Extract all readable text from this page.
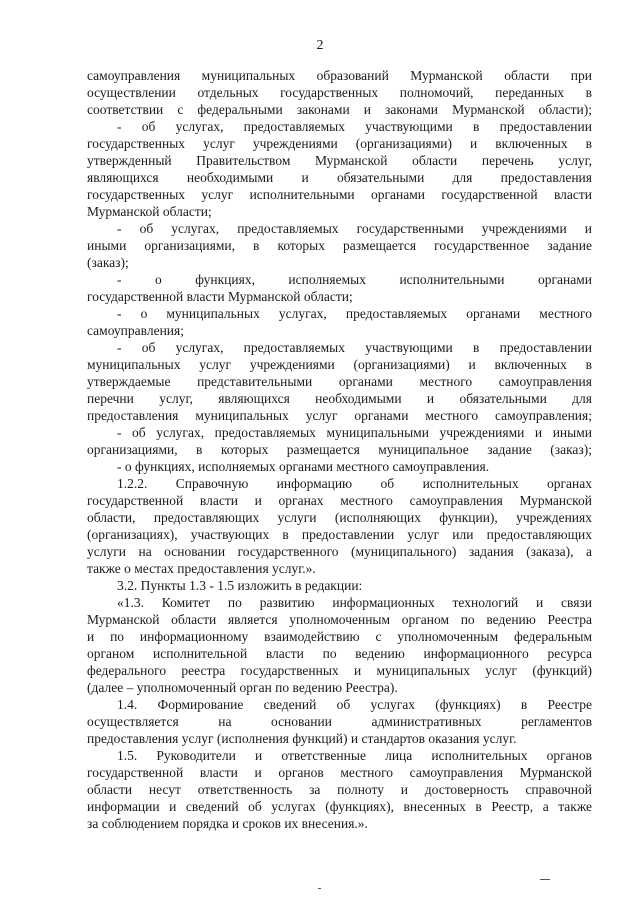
2
самоуправления муниципальных образований Мурманской области при
осуществлении отдельных государственных полномочий, переданных в
соответствии с федеральными законами и законами Мурманской области);
- об услугах, предоставляемых участвующими в предоставлении
государственных услуг учреждениями (организациями) и включенных в
утвержденный Правительством Мурманской области перечень услуг,
являющихся необходимыми и обязательными для предоставления
государственных услуг исполнительными органами государственной власти
Мурманской области;
- об услугах, предоставляемых государственными учреждениями и
иными организациями, в которых размещается государственное задание
(заказ);
- о функциях, исполняемых исполнительными органами
государственной власти Мурманской области;
- о муниципальных услугах, предоставляемых органами местного
самоуправления;
- об услугах, предоставляемых участвующими в предоставлении
муниципальных услуг учреждениями (организациями) и включенных в
утверждаемые представительными органами местного самоуправления
перечни услуг, являющихся необходимыми и обязательными для
предоставления муниципальных услуг органами местного самоуправления;
- об услугах, предоставляемых муниципальными учреждениями и иными
организациями, в которых размещается муниципальное задание (заказ);
- о функциях, исполняемых органами местного самоуправления.
1.2.2. Справочную информацию об исполнительных органах
государственной власти и органах местного самоуправления Мурманской
области, предоставляющих услуги (исполняющих функции), учреждениях
(организациях), участвующих в предоставлении услуг или предоставляющих
услуги на основании государственного (муниципального) задания (заказа), а
также о местах предоставления услуг.».
3.2. Пункты 1.3 - 1.5 изложить в редакции:
«1.3. Комитет по развитию информационных технологий и связи
Мурманской области является уполномоченным органом по ведению Реестра
и по информационному взаимодействию с уполномоченным федеральным
органом исполнительной власти по ведению информационного ресурса
федерального реестра государственных и муниципальных услуг (функций)
(далее – уполномоченный орган по ведению Реестра).
1.4. Формирование сведений об услугах (функциях) в Реестре
осуществляется на основании административных регламентов
предоставления услуг (исполнения функций) и стандартов оказания услуг.
1.5. Руководители и ответственные лица исполнительных органов
государственной власти и органов местного самоуправления Мурманской
области несут ответственность за полноту и достоверность справочной
информации и сведений об услугах (функциях), внесенных в Реестр, а также
за соблюдением порядка и сроков их внесения.».
